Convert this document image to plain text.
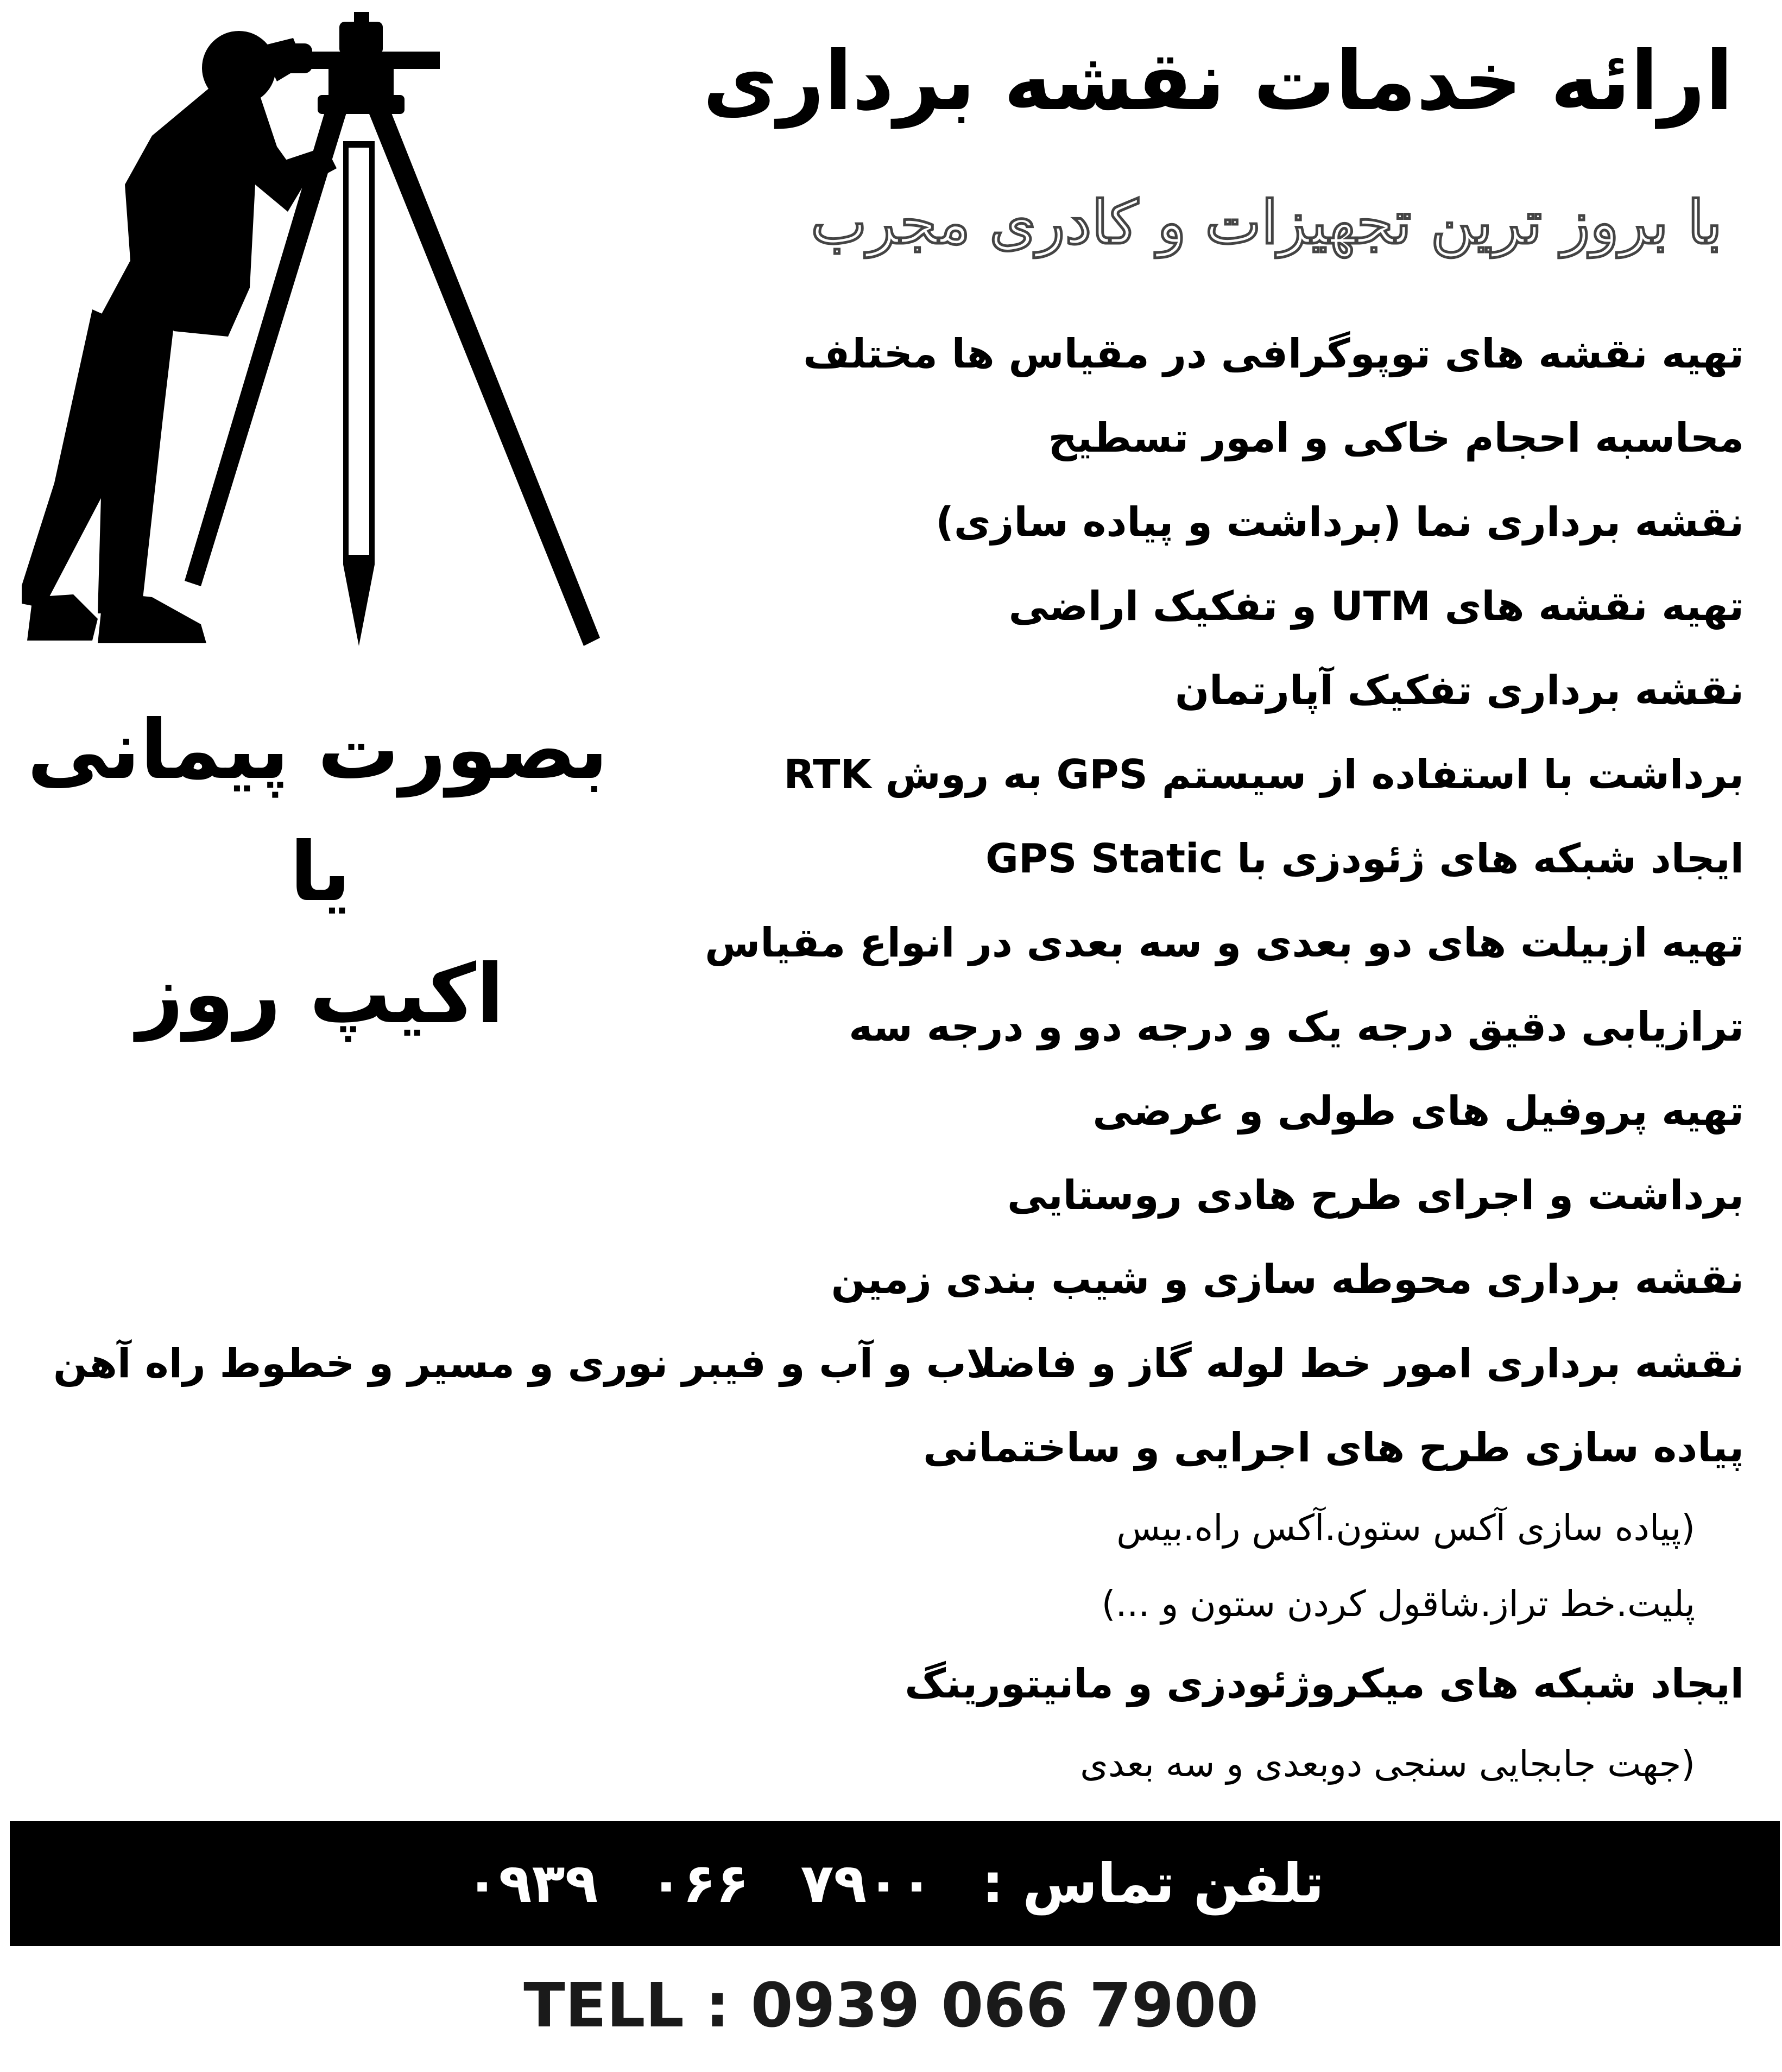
ارائه خدمات نقشه برداری
با بروز ترین تجهیزات و کادری مجرب
تهیه نقشه های توپوگرافی در مقیاس ها مختلف
محاسبه احجام خاکی و امور تسطیح
نقشه برداری نما (برداشت و پیاده سازی)
تهیه نقشه های UTM و تفکیک اراضی
نقشه برداری تفکیک آپارتمان
برداشت با استفاده از سیستم GPS به روش RTK
ایجاد شبکه های ژئودزی با GPS Static
تهیه ازبیلت های دو بعدی و سه بعدی در انواع مقیاس
ترازیابی دقیق درجه یک و درجه دو و درجه سه
تهیه پروفیل های طولی و عرضی
برداشت و اجرای طرح هادی روستایی
نقشه برداری محوطه سازی و شیب بندی زمین
نقشه برداری امور خط لوله گاز و فاضلاب و آب و فیبر نوری و مسیر و خطوط راه آهن
پیاده سازی طرح های اجرایی و ساختمانی
(پیاده سازی آکس ستون.آکس راه.بیس
پلیت.خط تراز.شاقول کردن ستون و ...)
ایجاد شبکه های میکروژئودزی و مانیتورینگ
(جهت جابجایی سنجی دوبعدی و سه بعدی
بصورت پیمانی
یا
اکیپ روز
۰۹۳۹ ۰۶۶ ۷۹۰۰ تلفن تماس :
TELL : 0939 066 7900
